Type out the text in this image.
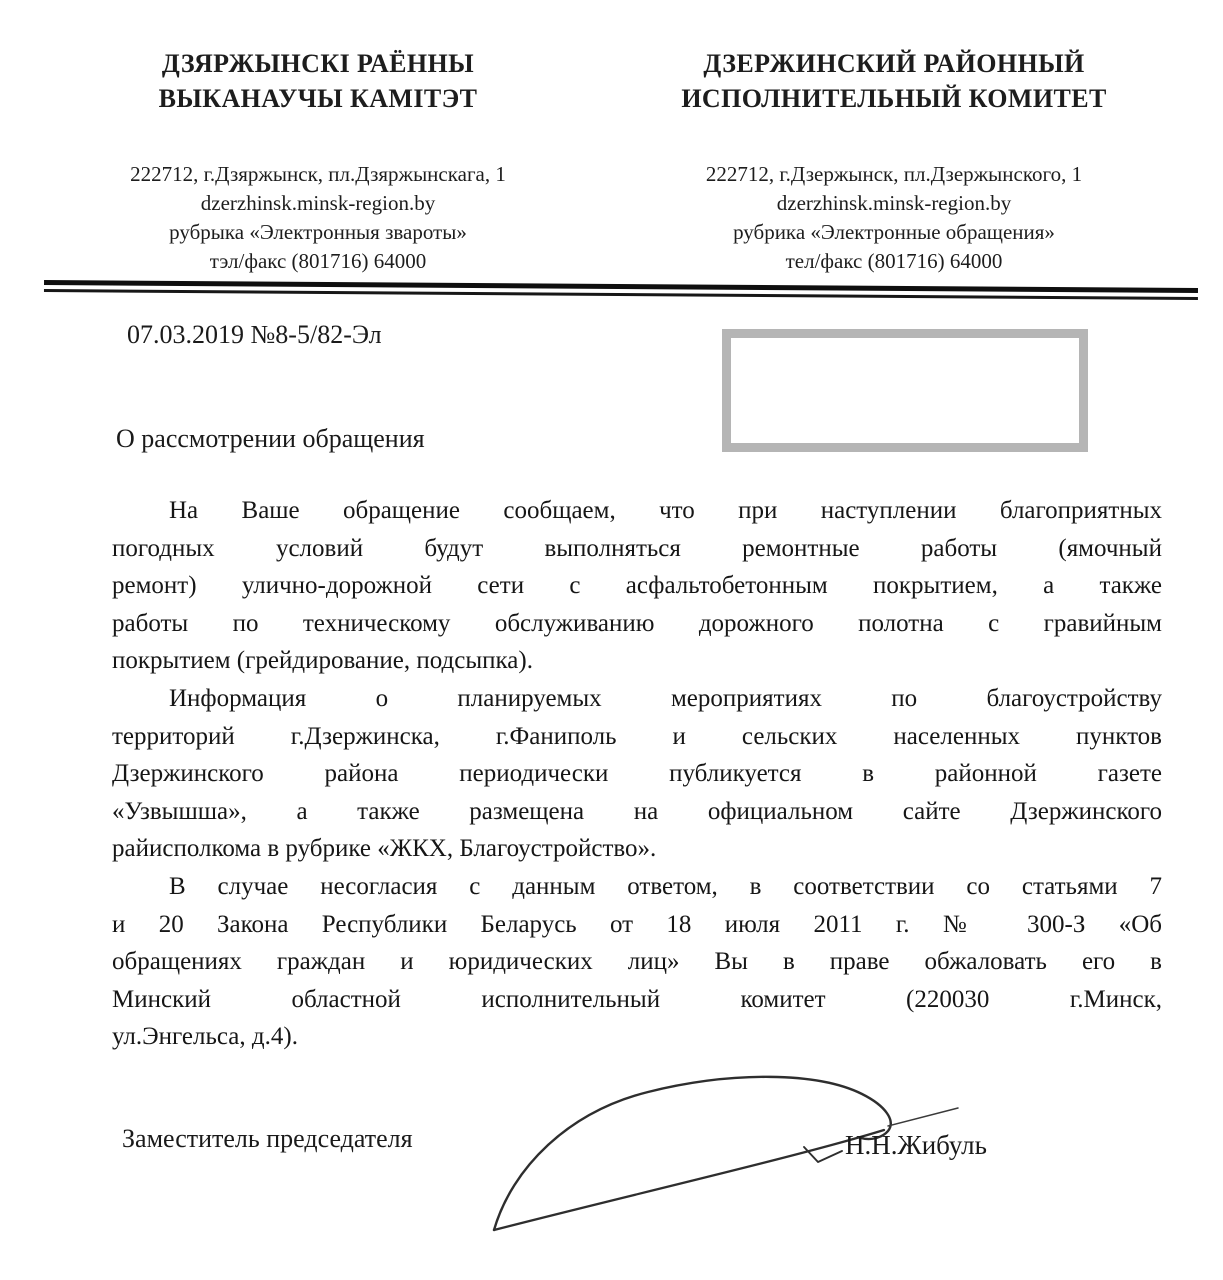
ДЗЯРЖЫНСКІ РАЁННЫ
ВЫКАНАУЧЫ КАМІТЭТ
ДЗЕРЖИНСКИЙ РАЙОННЫЙ
ИСПОЛНИТЕЛЬНЫЙ КОМИТЕТ
222712, г.Дзяржынск, пл.Дзяржынскага, 1
dzerzhinsk.minsk-region.by
рубрыка «Электронныя звароты»
тэл/факс (801716) 64000
222712, г.Дзержынск, пл.Дзержынского, 1
dzerzhinsk.minsk-region.by
рубрика «Электронные обращения»
тел/факс (801716) 64000
07.03.2019 №8-5/82-Эл
О рассмотрении обращения
На Ваше обращение сообщаем, что при наступлении благоприятных
погодных условий будут выполняться ремонтные работы (ямочный
ремонт) улично-дорожной сети с асфальтобетонным покрытием, а также
работы по техническому обслуживанию дорожного полотна с гравийным
покрытием (грейдирование, подсыпка).
Информация о планируемых мероприятиях по благоустройству
территорий г.Дзержинска, г.Фаниполь и сельских населенных пунктов
Дзержинского района периодически публикуется в районной газете
«Узвышша», а также размещена на официальном сайте Дзержинского
райисполкома в рубрике «ЖКХ, Благоустройство».
В случае несогласия с данным ответом, в соответствии со статьями 7
и 20 Закона Республики Беларусь от 18 июля 2011 г. № 300-З «Об
обращениях граждан и юридических лиц» Вы в праве обжаловать его в
Минский областной исполнительный комитет (220030 г.Минск,
ул.Энгельса, д.4).
Заместитель председателя	Н.Н.Жибуль
